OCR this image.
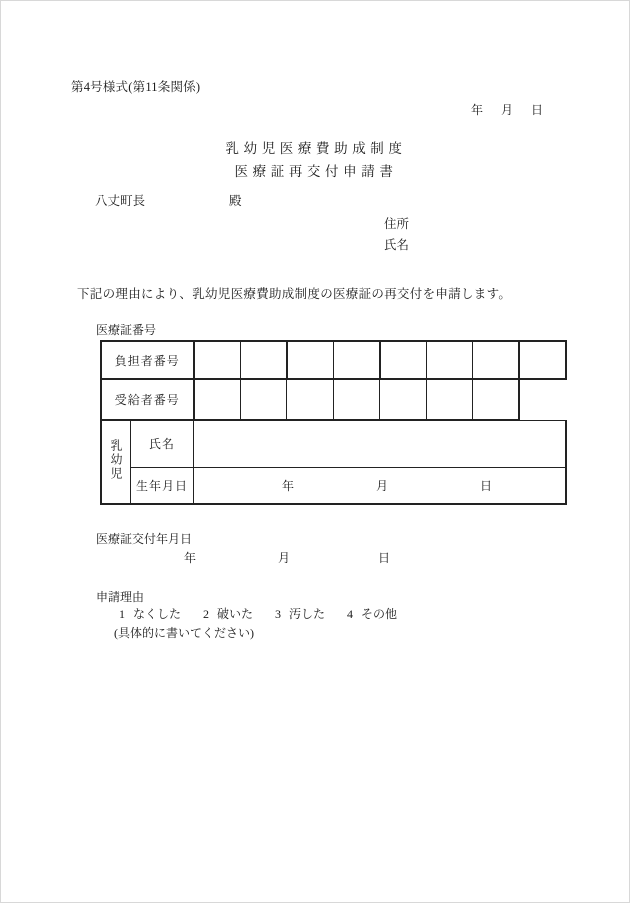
第4号様式(第11条関係)
年 月 日
乳幼児医療費助成制度
医療証再交付申請書
八丈町長	殿
住所
氏名
下記の理由により、乳幼児医療費助成制度の医療証の再交付を申請します。
医療証番号
負担者番号									
受給者番号									
乳幼児	氏名								
	生年月日	年 月 日							
医療証交付年月日
年	月	日
申請理由
1 なくした 2 破いた 3 汚した 4 その他
(具体的に書いてください)
